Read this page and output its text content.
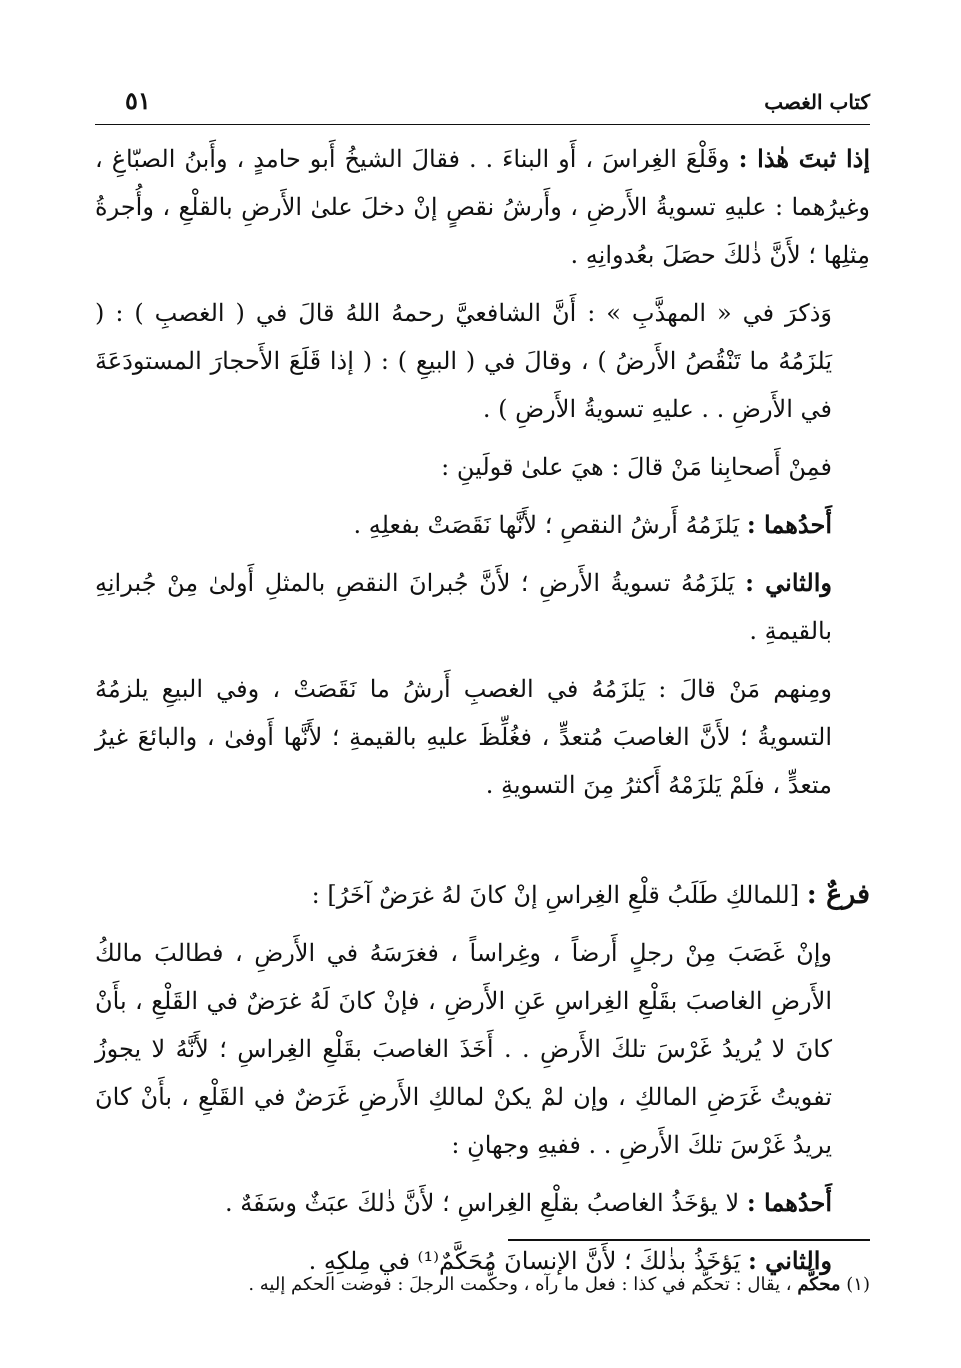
٥١	كتاب الغصب

إذا ثبتَ هٰذا : وقَلْعَ الغِراسَ ، أَو البناءَ . . فقالَ الشيخُ أَبو حامدٍ ، وأَبنُ الصبّاغِ ، وغيرُهما : عليهِ تسويةُ الأَرضِ ، وأَرشُ نقصٍ إنْ دخلَ علىٰ الأَرضِ بالقلْعِ ، وأُجرةُ مِثلِها ؛ لأَنَّ ذٰلكَ حصَلَ بعُدوانِهِ .

وَذكرَ في « المهذَّبِ » : أَنَّ الشافعيَّ رحمهُ اللهُ قالَ في ( الغصبِ ) : ( يَلزَمُهُ ما تَنْقُصُ الأَرضُ ) ، وقالَ في ( البيعِ ) : ( إذا قَلَعَ الأَحجارَ المستودَعَةَ في الأَرضِ . . عليهِ تسويةُ الأَرضِ ) .

فمِنْ أَصحابِنا مَنْ قالَ : هيَ علىٰ قولَينِ :

أَحدُهما : يَلزَمُهُ أَرشُ النقصِ ؛ لأَنَّها نَقَصَتْ بفعلِهِ .

والثاني : يَلزَمُهُ تسويةُ الأَرضِ ؛ لأَنَّ جُبرانَ النقصِ بالمثلِ أَولىٰ مِنْ جُبرانِهِ بالقيمةِ .

ومِنهم مَنْ قالَ : يَلزَمُهُ في الغصبِ أَرشُ ما نَقَصَتْ ، وفي البيعِ يلزمُهُ التسويةُ ؛ لأَنَّ الغاصبَ مُتعدٍّ ، فغُلِّظَ عليهِ بالقيمةِ ؛ لأَنَّها أَوفىٰ ، والبائعَ غيرُ متعدٍّ ، فلَمْ يَلزَمْهُ أَكثرُ مِنَ التسويةِ .

فرعٌ : [للمالكِ طَلَبُ قلْعِ الغِراسِ إنْ كانَ لهُ غرَضٌ آخَرُ] :

وإنْ غَصَبَ مِنْ رجلٍ أَرضاً ، وغِراساً ، فغرَسَهُ في الأَرضِ ، فطالبَ مالكُ الأَرضِ الغاصبَ بقَلْعِ الغِراسِ عَنِ الأَرضِ ، فإنْ كانَ لَهُ غرَضٌ في القَلْعِ ، بأَنْ كانَ لا يُريدُ غَرْسَ تلكَ الأَرضِ . . أَخَذَ الغاصبَ بقَلْعِ الغِراسِ ؛ لأَنَّهُ لا يجوزُ تفويتُ غَرَضِ المالكِ ، وإن لمْ يكنْ لمالكِ الأَرضِ غَرَضٌ في القَلْعِ ، بأَنْ كانَ يريدُ غَرْسَ تلكَ الأَرضِ . . ففيهِ وجهانِ :

أَحدُهما : لا يؤخَذُ الغاصبُ بقلْعِ الغِراسِ ؛ لأَنَّ ذٰلكَ عبَثٌ وسَفَهٌ .

والثاني : يَؤخَذُ بذٰلكَ ؛ لأَنَّ الإنسانَ مُحَكَّمٌ⁽¹⁾ في مِلكِهِ .

(١) محكَّم ، يقال : تحكَّم في كذا : فعل ما رآه ، وحكَّمت الرجلَ : فوضت الحكم إليه .
